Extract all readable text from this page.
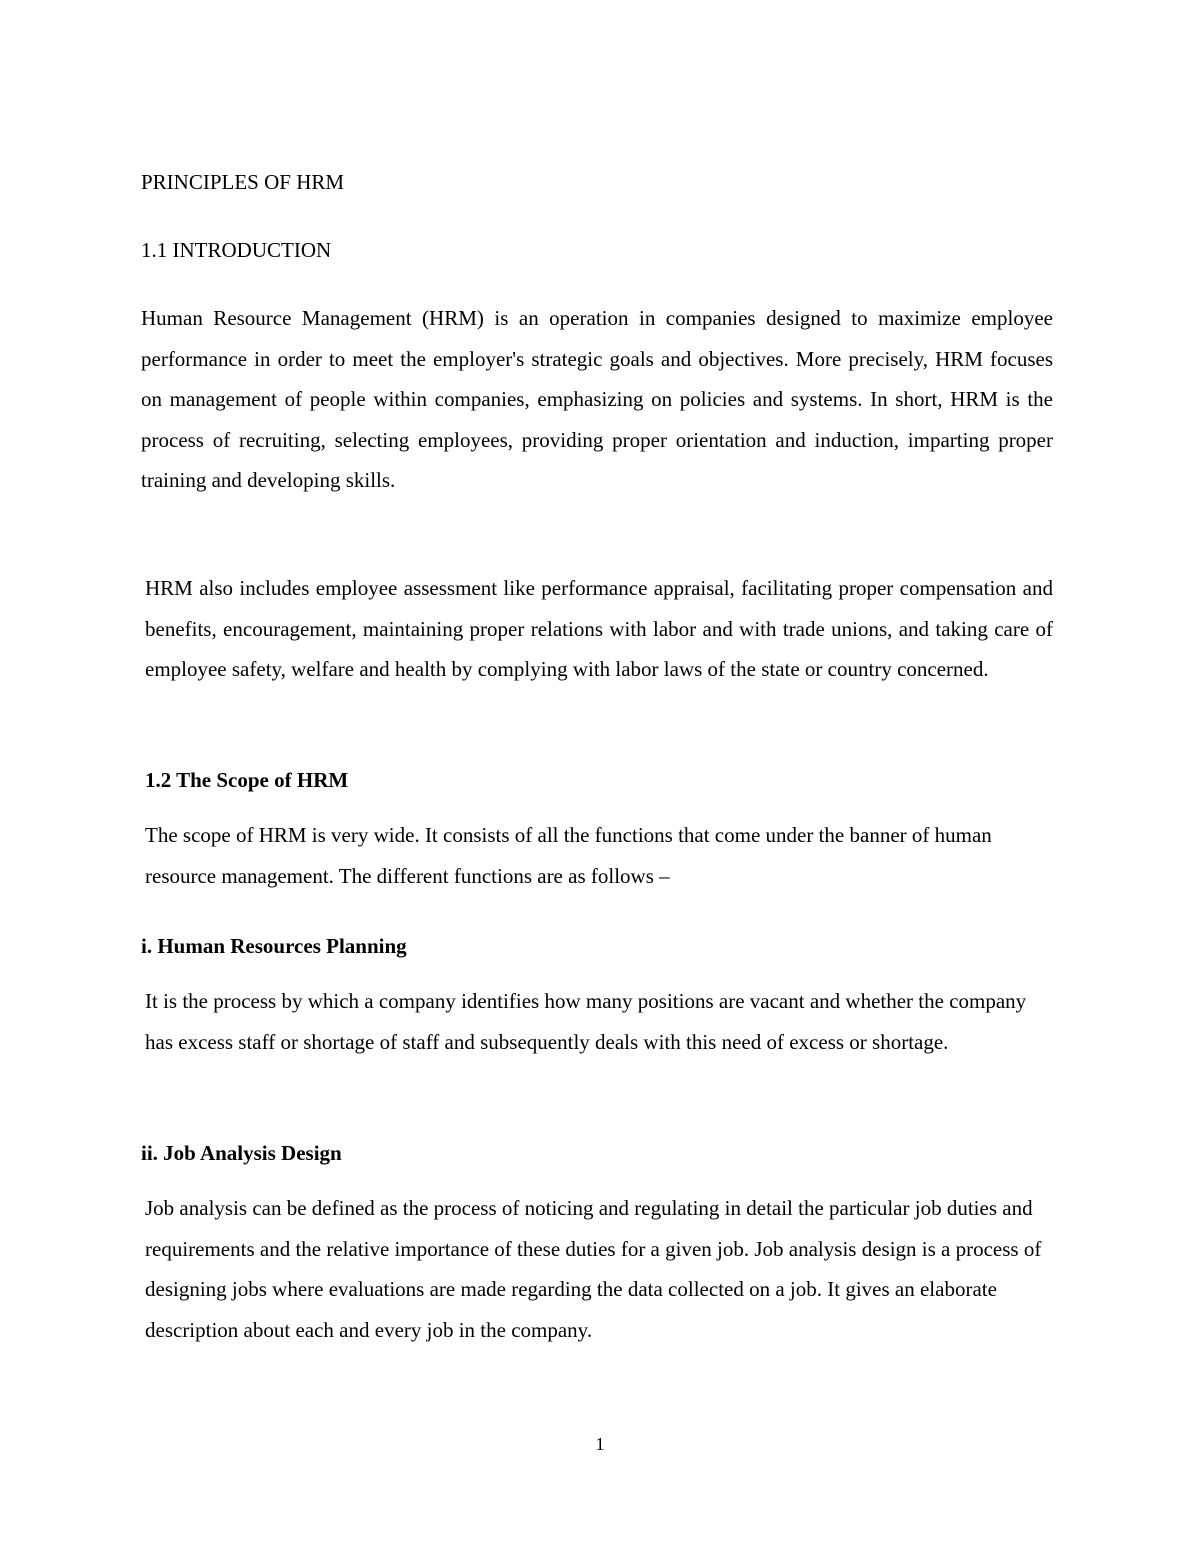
PRINCIPLES OF HRM
1.1 INTRODUCTION

Human Resource Management (HRM) is an operation in companies designed to maximize employee performance in order to meet the employer's strategic goals and objectives. More precisely, HRM focuses on management of people within companies, emphasizing on policies and systems. In short, HRM is the process of recruiting, selecting employees, providing proper orientation and induction, imparting proper training and developing skills.

HRM also includes employee assessment like performance appraisal, facilitating proper compensation and benefits, encouragement, maintaining proper relations with labor and with trade unions, and taking care of employee safety, welfare and health by complying with labor laws of the state or country concerned.

1.2 The Scope of HRM

The scope of HRM is very wide. It consists of all the functions that come under the banner of human resource management. The different functions are as follows –

i. Human Resources Planning

It is the process by which a company identifies how many positions are vacant and whether the company has excess staff or shortage of staff and subsequently deals with this need of excess or shortage.

ii. Job Analysis Design

Job analysis can be defined as the process of noticing and regulating in detail the particular job duties and requirements and the relative importance of these duties for a given job. Job analysis design is a process of designing jobs where evaluations are made regarding the data collected on a job. It gives an elaborate description about each and every job in the company.

1
